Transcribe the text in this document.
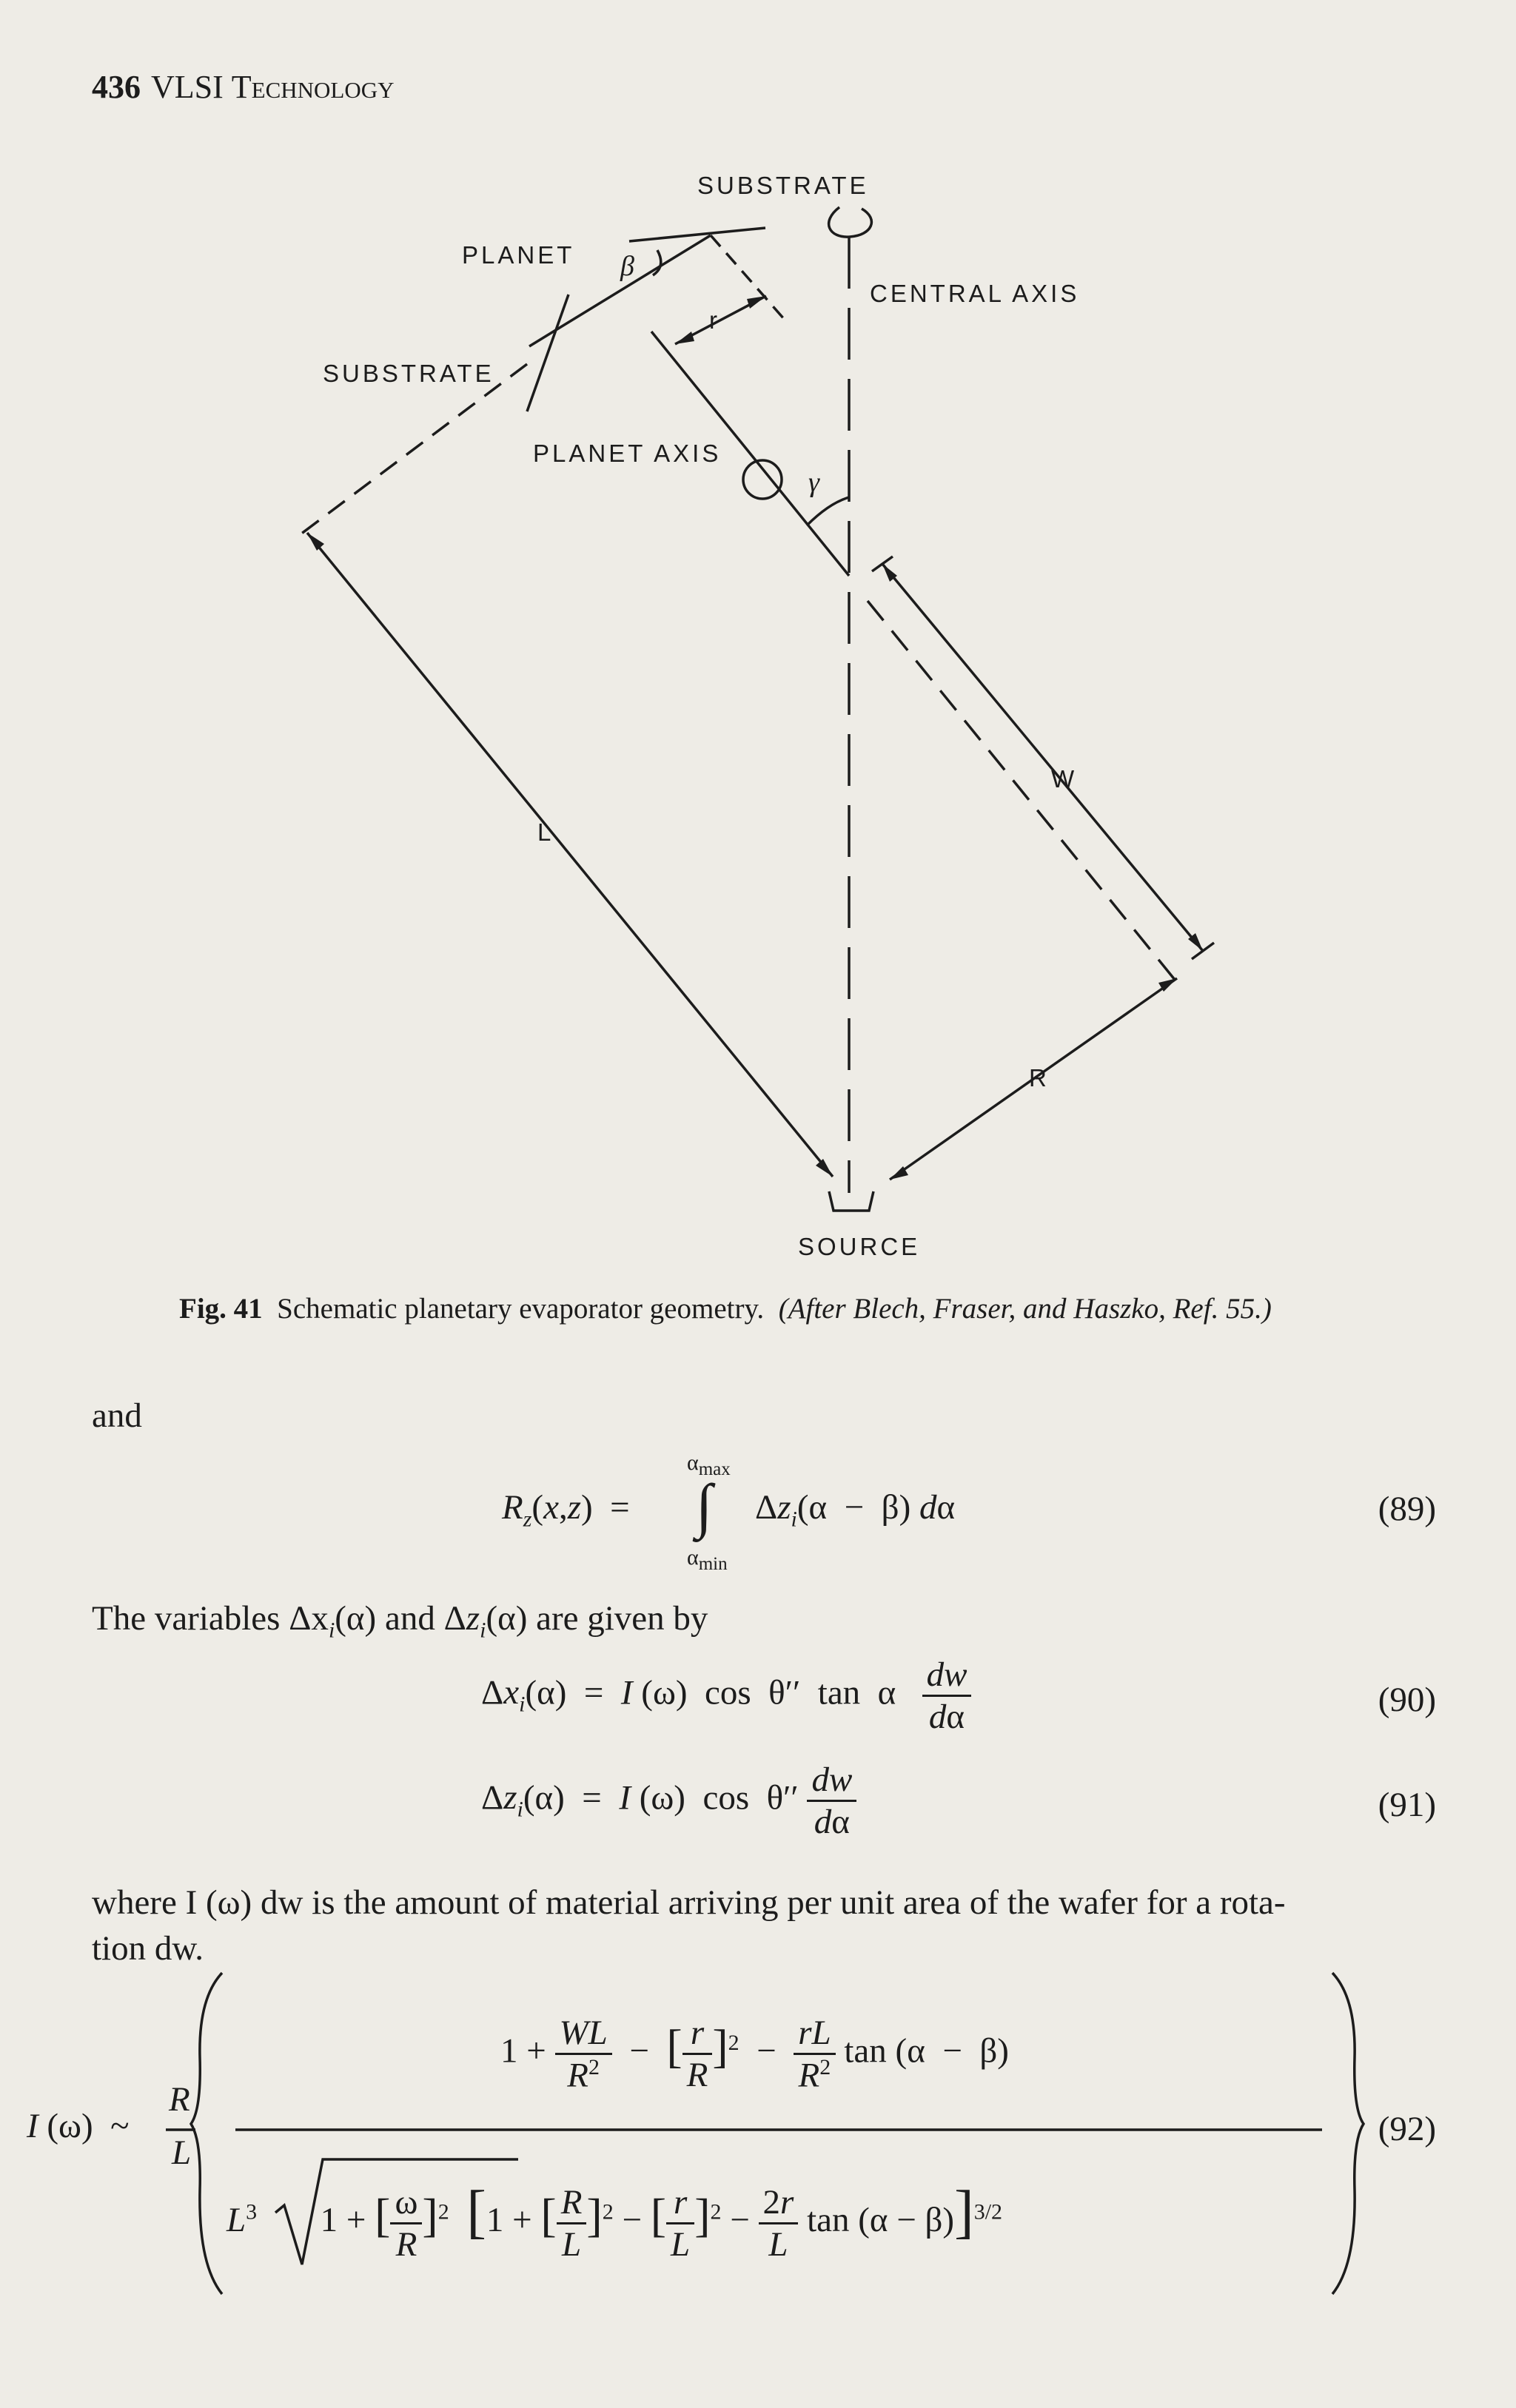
436 VLSI Technology
SUBSTRATE
PLANET
SUBSTRATE
CENTRAL AXIS
PLANET AXIS
SOURCE
β
γ
r
L
W
R
Fig. 41 Schematic planetary evaporator geometry. (After Blech, Fraser, and Haszko, Ref. 55.)
and
$R_z(x,z)$  =
$\alpha_{max}$
∫
$\alpha_{min}$
$\Delta z_i(\alpha - \beta)$ dα	(89)
The variables $\Delta x_i(\alpha)$ and $\Delta z_i(\alpha)$ are given by
$\Delta x_i(\alpha) = I$ (ω)  cos  θ′′  tan  α $\frac{dw}{d\alpha}$	(90)
$\Delta z_i(\alpha) = I$ (ω)  $\cos \theta'' \frac{dw}{d\alpha}$	(91)
where I (ω) dw is the amount of material arriving per unit area of the wafer for a rota-
tion dw.
I (ω)  ~
R
L
$1 + \frac{WL}{R^2}$ −  [ $\frac{r}{R} ]^2 - \frac{rL}{R^2}$ tan (α  −  β)
$L^3$  1 + [ $\frac{\omega}{R} ]^2$ [1 + [ $\frac{R}{L} ]^2$ − [ $\frac{r}{L} ]^2 - \frac{2r}{L}$ tan (α − β)]$^{3/2}$
(92)
